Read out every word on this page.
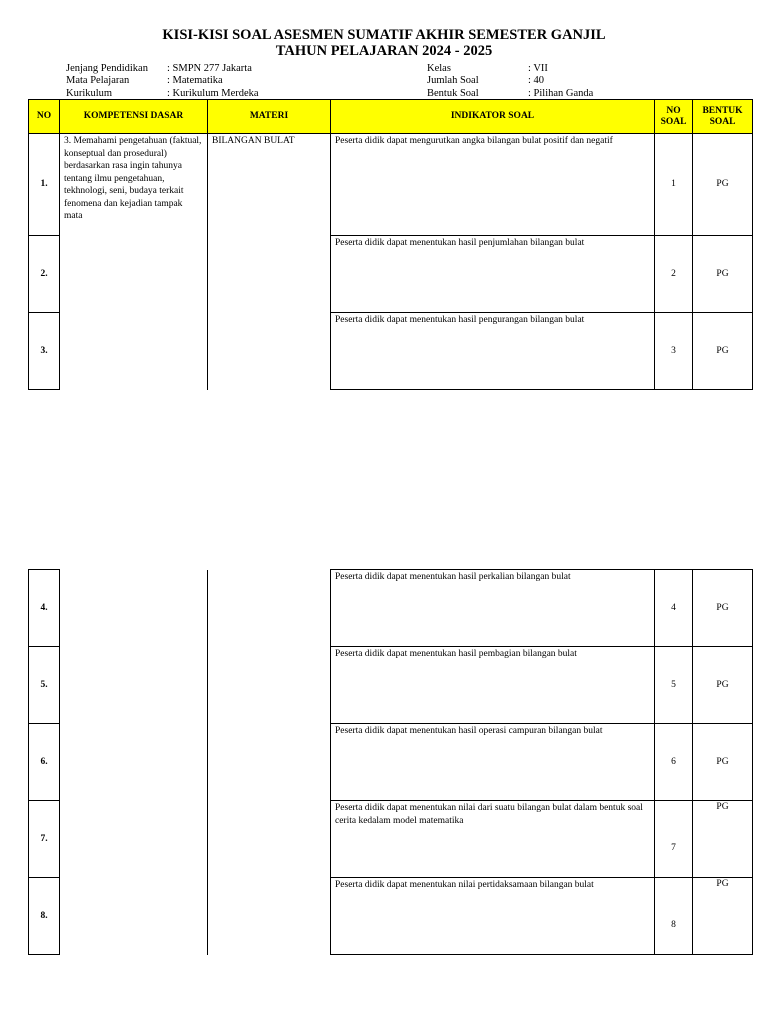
KISI-KISI SOAL ASESMEN SUMATIF AKHIR SEMESTER GANJIL
TAHUN PELAJARAN 2024 - 2025
Jenjang Pendidikan : SMPN 277 Jakarta
Mata Pelajaran	: Matematika
Kurikulum	: Kurikulum Merdeka
Kelas	: VII
Jumlah Soal	: 40
Bentuk Soal	: Pilihan Ganda
NO	KOMPETENSI DASAR	MATERI	INDIKATOR SOAL	NO SOAL	BENTUK SOAL
1.	3. Memahami pengetahuan (faktual, konseptual dan prosedural) berdasarkan rasa ingin tahunya tentang ilmu pengetahuan, tekhnologi, seni, budaya terkait fenomena dan kejadian tampak mata	BILANGAN BULAT	Peserta didik dapat mengurutkan angka bilangan bulat positif dan negatif	1	PG
2.			Peserta didik dapat menentukan hasil penjumlahan bilangan bulat	2	PG
3.			Peserta didik dapat menentukan hasil pengurangan bilangan bulat	3	PG
4.			Peserta didik dapat menentukan hasil perkalian bilangan bulat	4	PG
5.			Peserta didik dapat menentukan hasil pembagian bilangan bulat	5	PG
6.			Peserta didik dapat menentukan hasil operasi campuran bilangan bulat	6	PG
7.			Peserta didik dapat menentukan nilai dari suatu bilangan bulat dalam bentuk soal cerita kedalam model matematika	7	PG
8.			Peserta didik dapat menentukan nilai pertidaksamaan bilangan bulat	8	PG
